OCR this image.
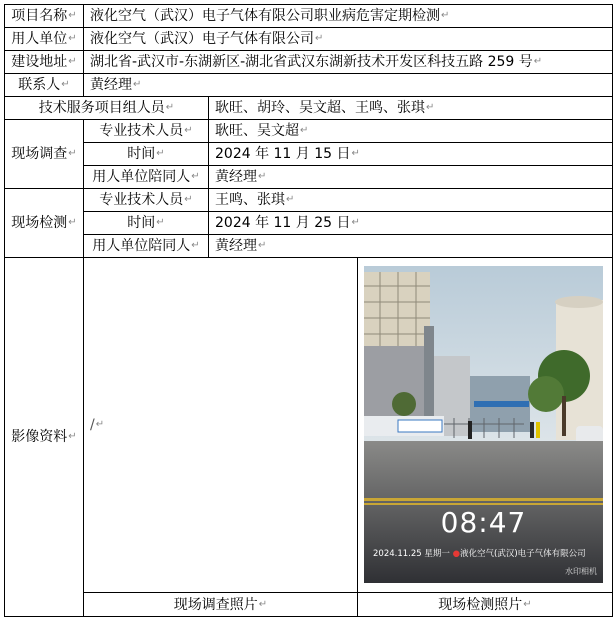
项目名称 ↵ 液化空气（武汉）电子气体有限公司职业病危害定期检测 ↵
用人单位 ↵ 液化空气（武汉）电子气体有限公司 ↵
建设地址 ↵ 湖北省-武汉市-东湖新区-湖北省武汉东湖新技术开发区科技五路 259 号 ↵
联系人 ↵ 黄经理 ↵
技术服务项目组人员 ↵	耿旺、胡玲、吴文超、王鸣、张琪 ↵
现场调查 ↵
专业技术人员 ↵ 耿旺、吴文超 ↵
时间 ↵	2024 年 11 月 15 日 ↵
用人单位陪同人 ↵ 黄经理 ↵
现场检测 ↵
专业技术人员 ↵ 王鸣、张琪 ↵
时间 ↵	2024 年 11 月 25 日 ↵
用人单位陪同人 ↵ 黄经理 ↵
影像资料 ↵
/ ↵
现场调查照片 ↵	现场检测照片 ↵
08:47
2024.11.25 星期一 ●液化空气(武汉)电子气体有限公司
水印相机
